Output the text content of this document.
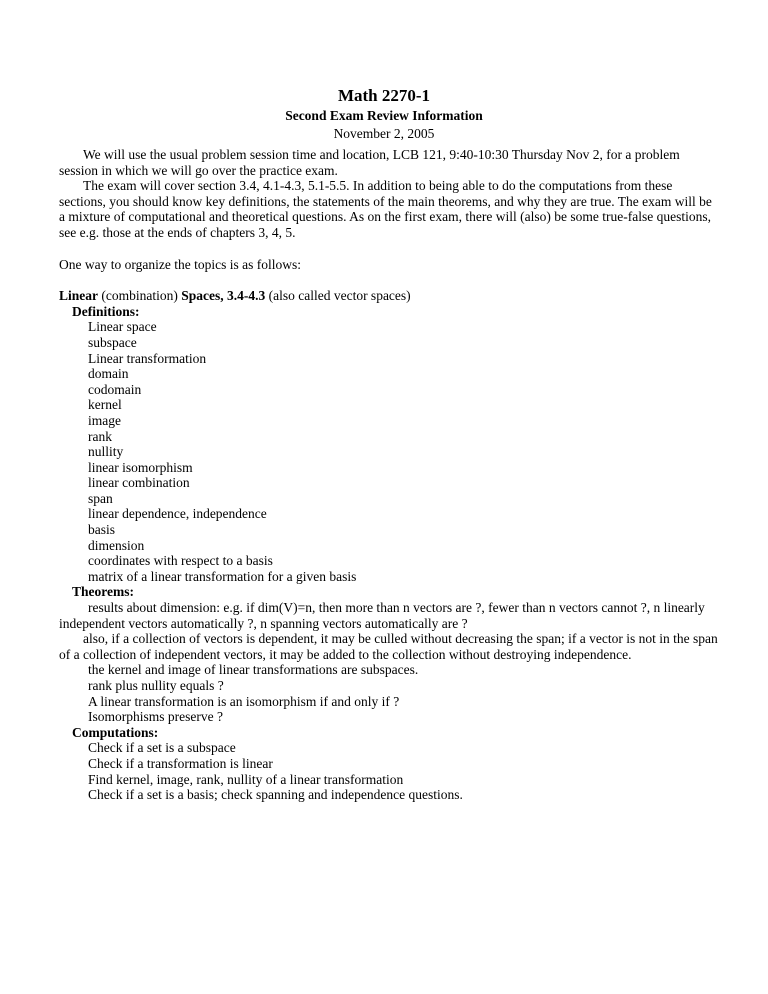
Math 2270-1
Second Exam Review Information
November 2, 2005

We will use the usual problem session time and location, LCB 121, 9:40-10:30 Thursday Nov 2, for a problem session in which we will go over the practice exam.

The exam will cover section 3.4, 4.1-4.3, 5.1-5.5. In addition to being able to do the computations from these sections, you should know key definitions, the statements of the main theorems, and why they are true. The exam will be a mixture of computational and theoretical questions. As on the first exam, there will (also) be some true-false questions, see e.g. those at the ends of chapters 3, 4, 5.

One way to organize the topics is as follows:

Linear (combination) Spaces, 3.4-4.3 (also called vector spaces)

Definitions:

Linear space
subspace
Linear transformation
domain
codomain
kernel
image
rank
nullity
linear isomorphism
linear combination
span
linear dependence, independence
basis
dimension
coordinates with respect to a basis
matrix of a linear transformation for a given basis

Theorems:

results about dimension: e.g. if dim(V)=n, then more than n vectors are ?, fewer than n vectors cannot ?, n linearly independent vectors automatically ?, n spanning vectors automatically are ?

also, if a collection of vectors is dependent, it may be culled without decreasing the span; if a vector is not in the span of a collection of independent vectors, it may be added to the collection without destroying independence.

the kernel and image of linear transformations are subspaces.
rank plus nullity equals ?
A linear transformation is an isomorphism if and only if ?
Isomorphisms preserve ?

Computations:

Check if a set is a subspace
Check if a transformation is linear
Find kernel, image, rank, nullity of a linear transformation
Check if a set is a basis; check spanning and independence questions.
